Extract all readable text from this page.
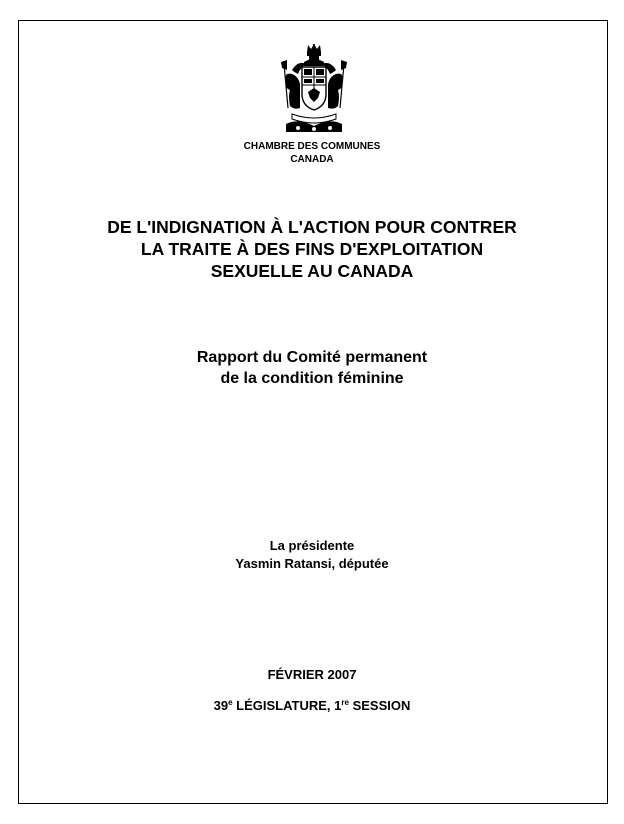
CHAMBRE DES COMMUNES
CANADA
DE L'INDIGNATION À L'ACTION POUR CONTRER
LA TRAITE À DES FINS D'EXPLOITATION
SEXUELLE AU CANADA
Rapport du Comité permanent
de la condition féminine
La présidente
Yasmin Ratansi, députée
FÉVRIER 2007
39e LÉGISLATURE, 1re SESSION
